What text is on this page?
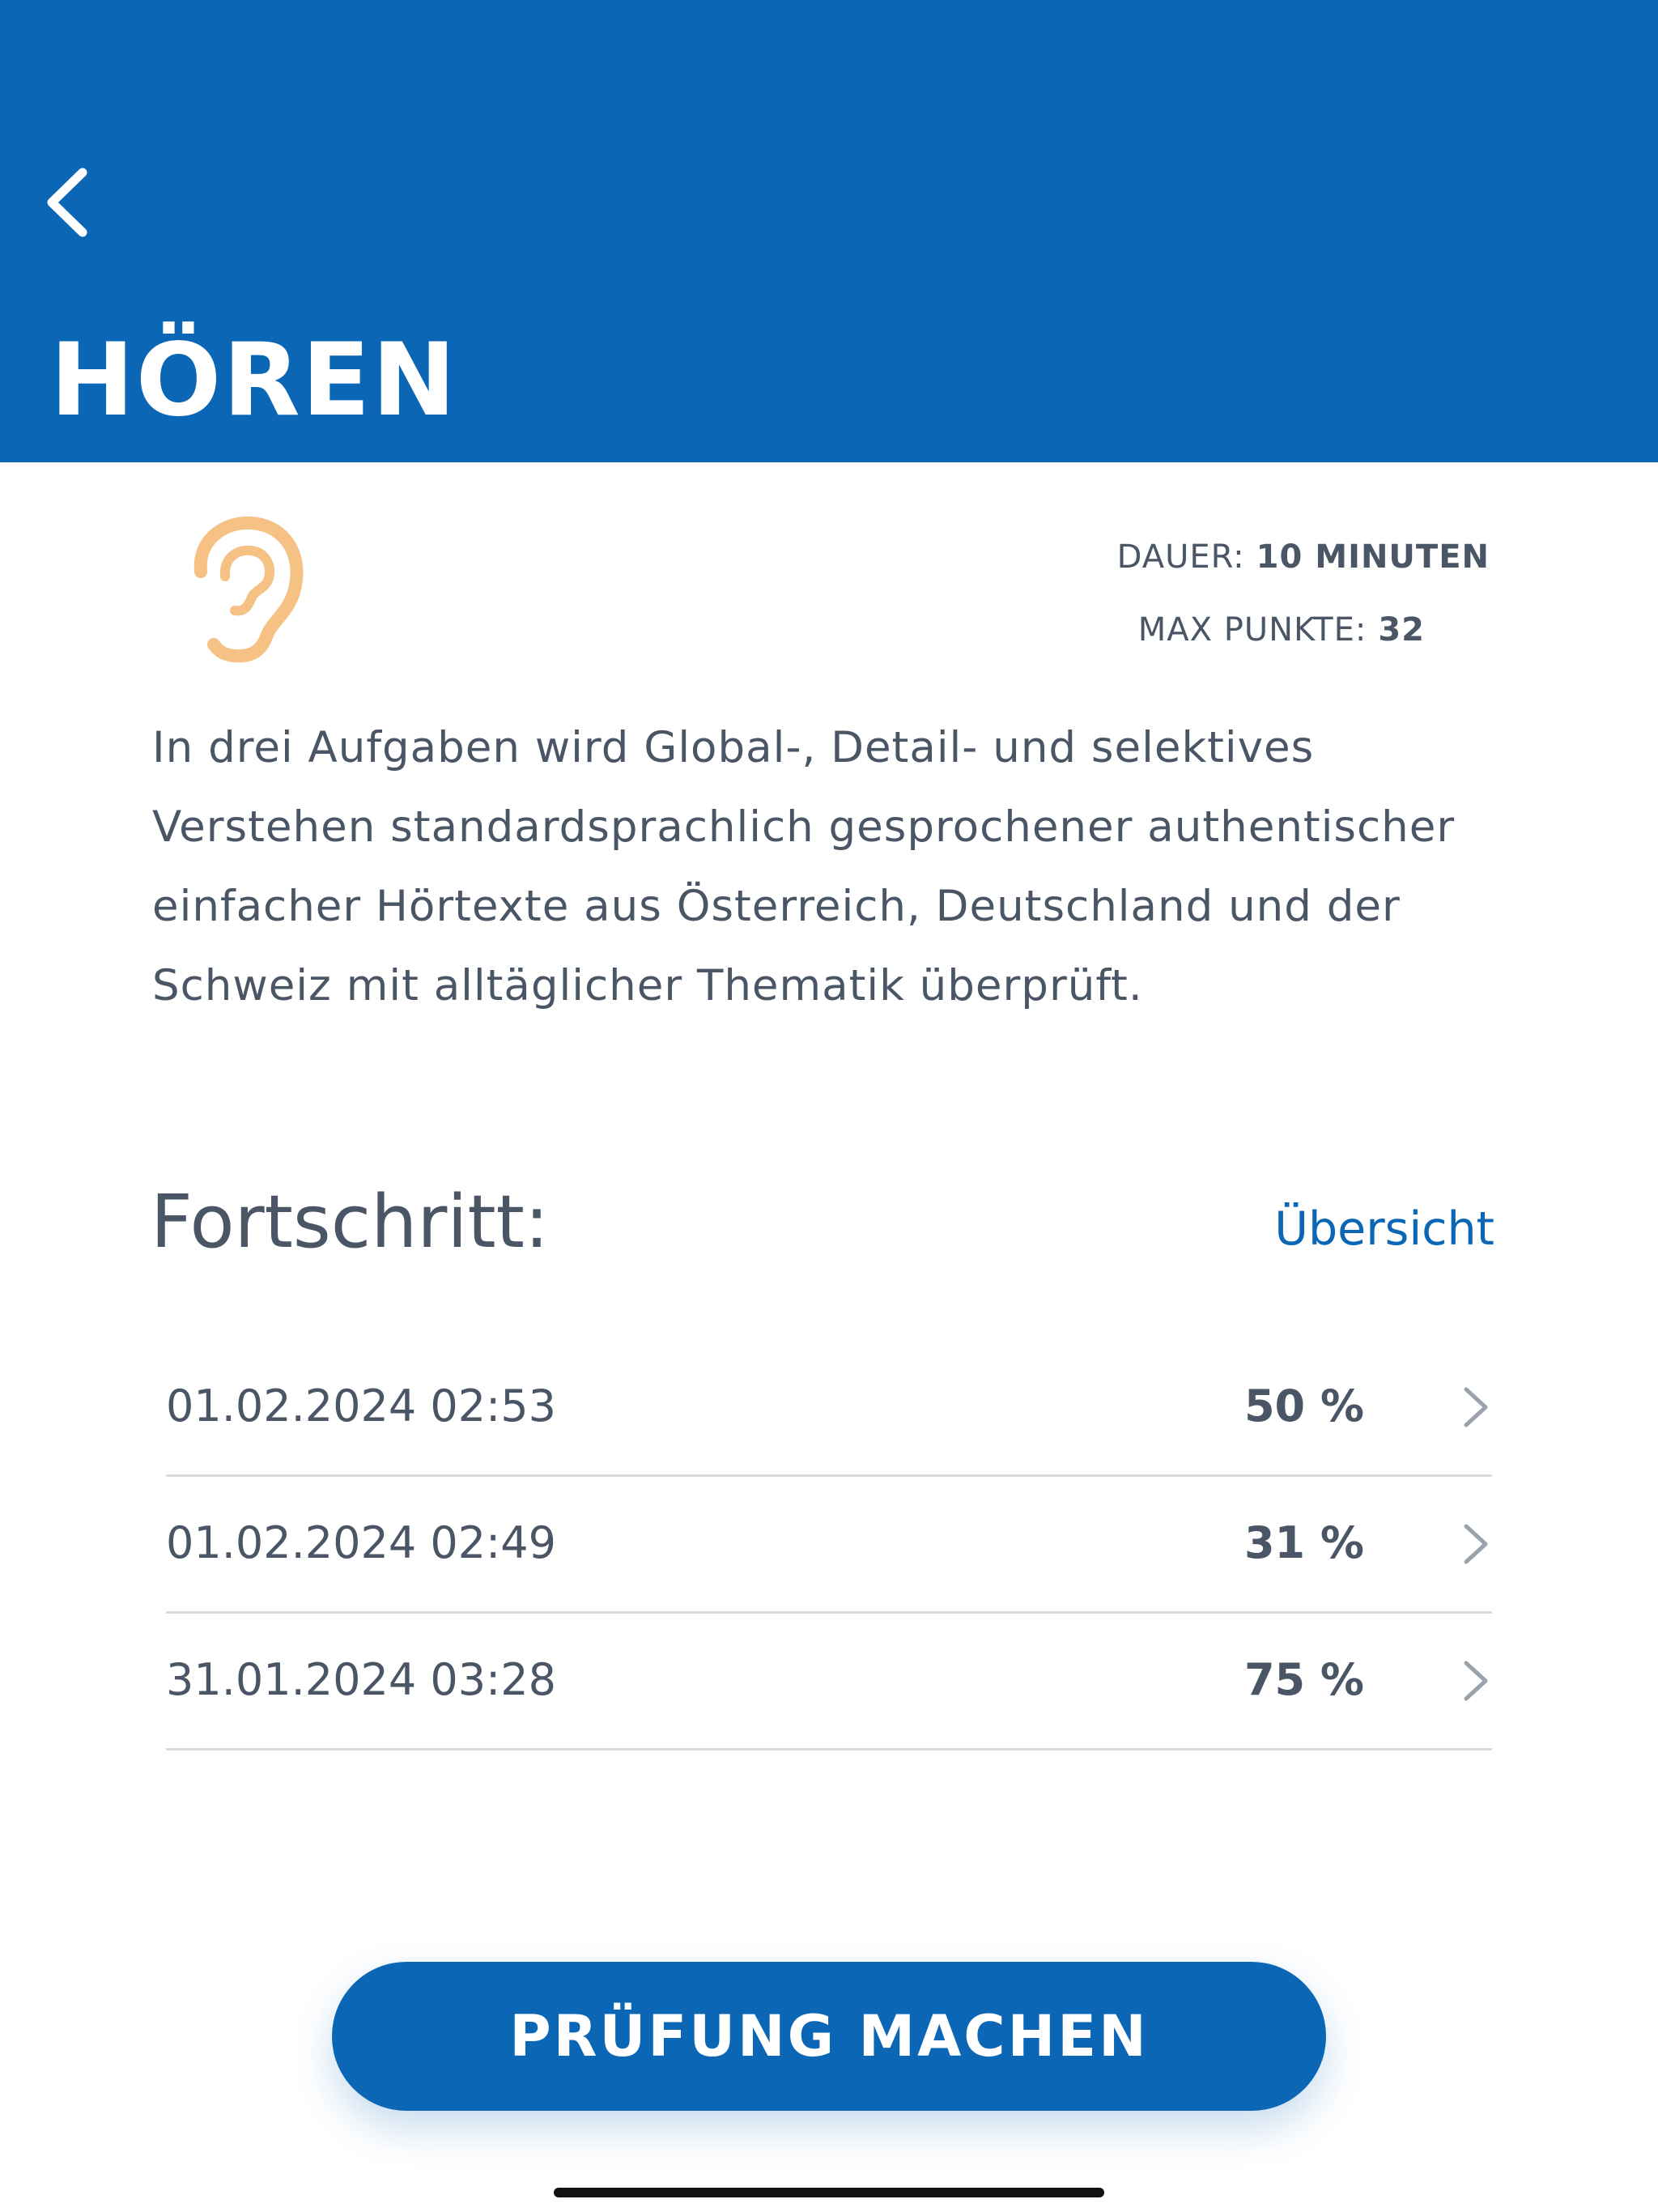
HÖREN
DAUER: 10 MINUTEN
MAX PUNKTE: 32

In drei Aufgaben wird Global-, Detail- und selektives Verstehen standardsprachlich gesprochener authentischer einfacher Hörtexte aus Österreich, Deutschland und der Schweiz mit alltäglicher Thematik überprüft.

Fortschritt:	Übersicht
01.02.2024 02:53	50 %
01.02.2024 02:49	31 %
31.01.2024 03:28	75 %
PRÜFUNG MACHEN
